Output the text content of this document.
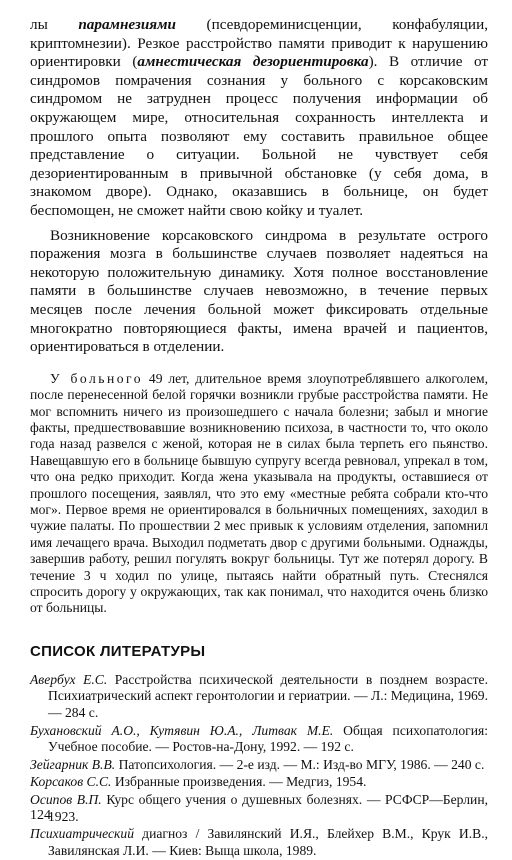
лы парамнезиями (псевдореминисценции, конфабуляции, криптомнезии). Резкое расстройство памяти приводит к нарушению ориентировки (амнестическая дезориентировка). В отличие от синдромов помрачения сознания у больного с корсаковским синдромом не затруднен процесс получения информации об окружающем мире, относительная сохранность интеллекта и прошлого опыта позволяют ему составить правильное общее представление о ситуации. Больной не чувствует себя дезориентированным в привычной обстановке (у себя дома, в знакомом дворе). Однако, оказавшись в больнице, он будет беспомощен, не сможет найти свою койку и туалет.

Возникновение корсаковского синдрома в результате острого поражения мозга в большинстве случаев позволяет надеяться на некоторую положительную динамику. Хотя полное восстановление памяти в большинстве случаев невозможно, в течение первых месяцев после лечения больной может фиксировать отдельные многократно повторяющиеся факты, имена врачей и пациентов, ориентироваться в отделении.

У больного 49 лет, длительное время злоупотреблявшего алкоголем, после перенесенной белой горячки возникли грубые расстройства памяти. Не мог вспомнить ничего из произошедшего с начала болезни; забыл и многие факты, предшествовавшие возникновению психоза, в частности то, что около года назад развелся с женой, которая не в силах была терпеть его пьянство. Навещавшую его в больнице бывшую супругу всегда ревновал, упрекал в том, что она редко приходит. Когда жена указывала на продукты, оставшиеся от прошлого посещения, заявлял, что это ему «местные ребята собрали кто-что мог». Первое время не ориентировался в больничных помещениях, заходил в чужие палаты. По прошествии 2 мес привык к условиям отделения, запомнил имя лечащего врача. Выходил подметать двор с другими больными. Однажды, завершив работу, решил погулять вокруг больницы. Тут же потерял дорогу. В течение 3 ч ходил по улице, пытаясь найти обратный путь. Стеснялся спросить дорогу у окружающих, так как понимал, что находится очень близко от больницы.

СПИСОК ЛИТЕРАТУРЫ

Авербух Е.С. Расстройства психической деятельности в позднем возрасте. Психиатрический аспект геронтологии и гериатрии. — Л.: Медицина, 1969. — 284 с.

Бухановский А.О., Кутявин Ю.А., Литвак М.Е. Общая психопатология: Учебное пособие. — Ростов-на-Дону, 1992. — 192 с.

Зейгарник В.В. Патопсихология. — 2-е изд. — М.: Изд-во МГУ, 1986. — 240 с.

Корсаков С.С. Избранные произведения. — Медгиз, 1954.

Осипов В.П. Курс общего учения о душевных болезнях. — РСФСР—Берлин, 1923.

Психиатрический диагноз / Завилянский И.Я., Блейхер В.М., Крук И.В., Завилянская Л.И. — Киев: Выща школа, 1989.

124
